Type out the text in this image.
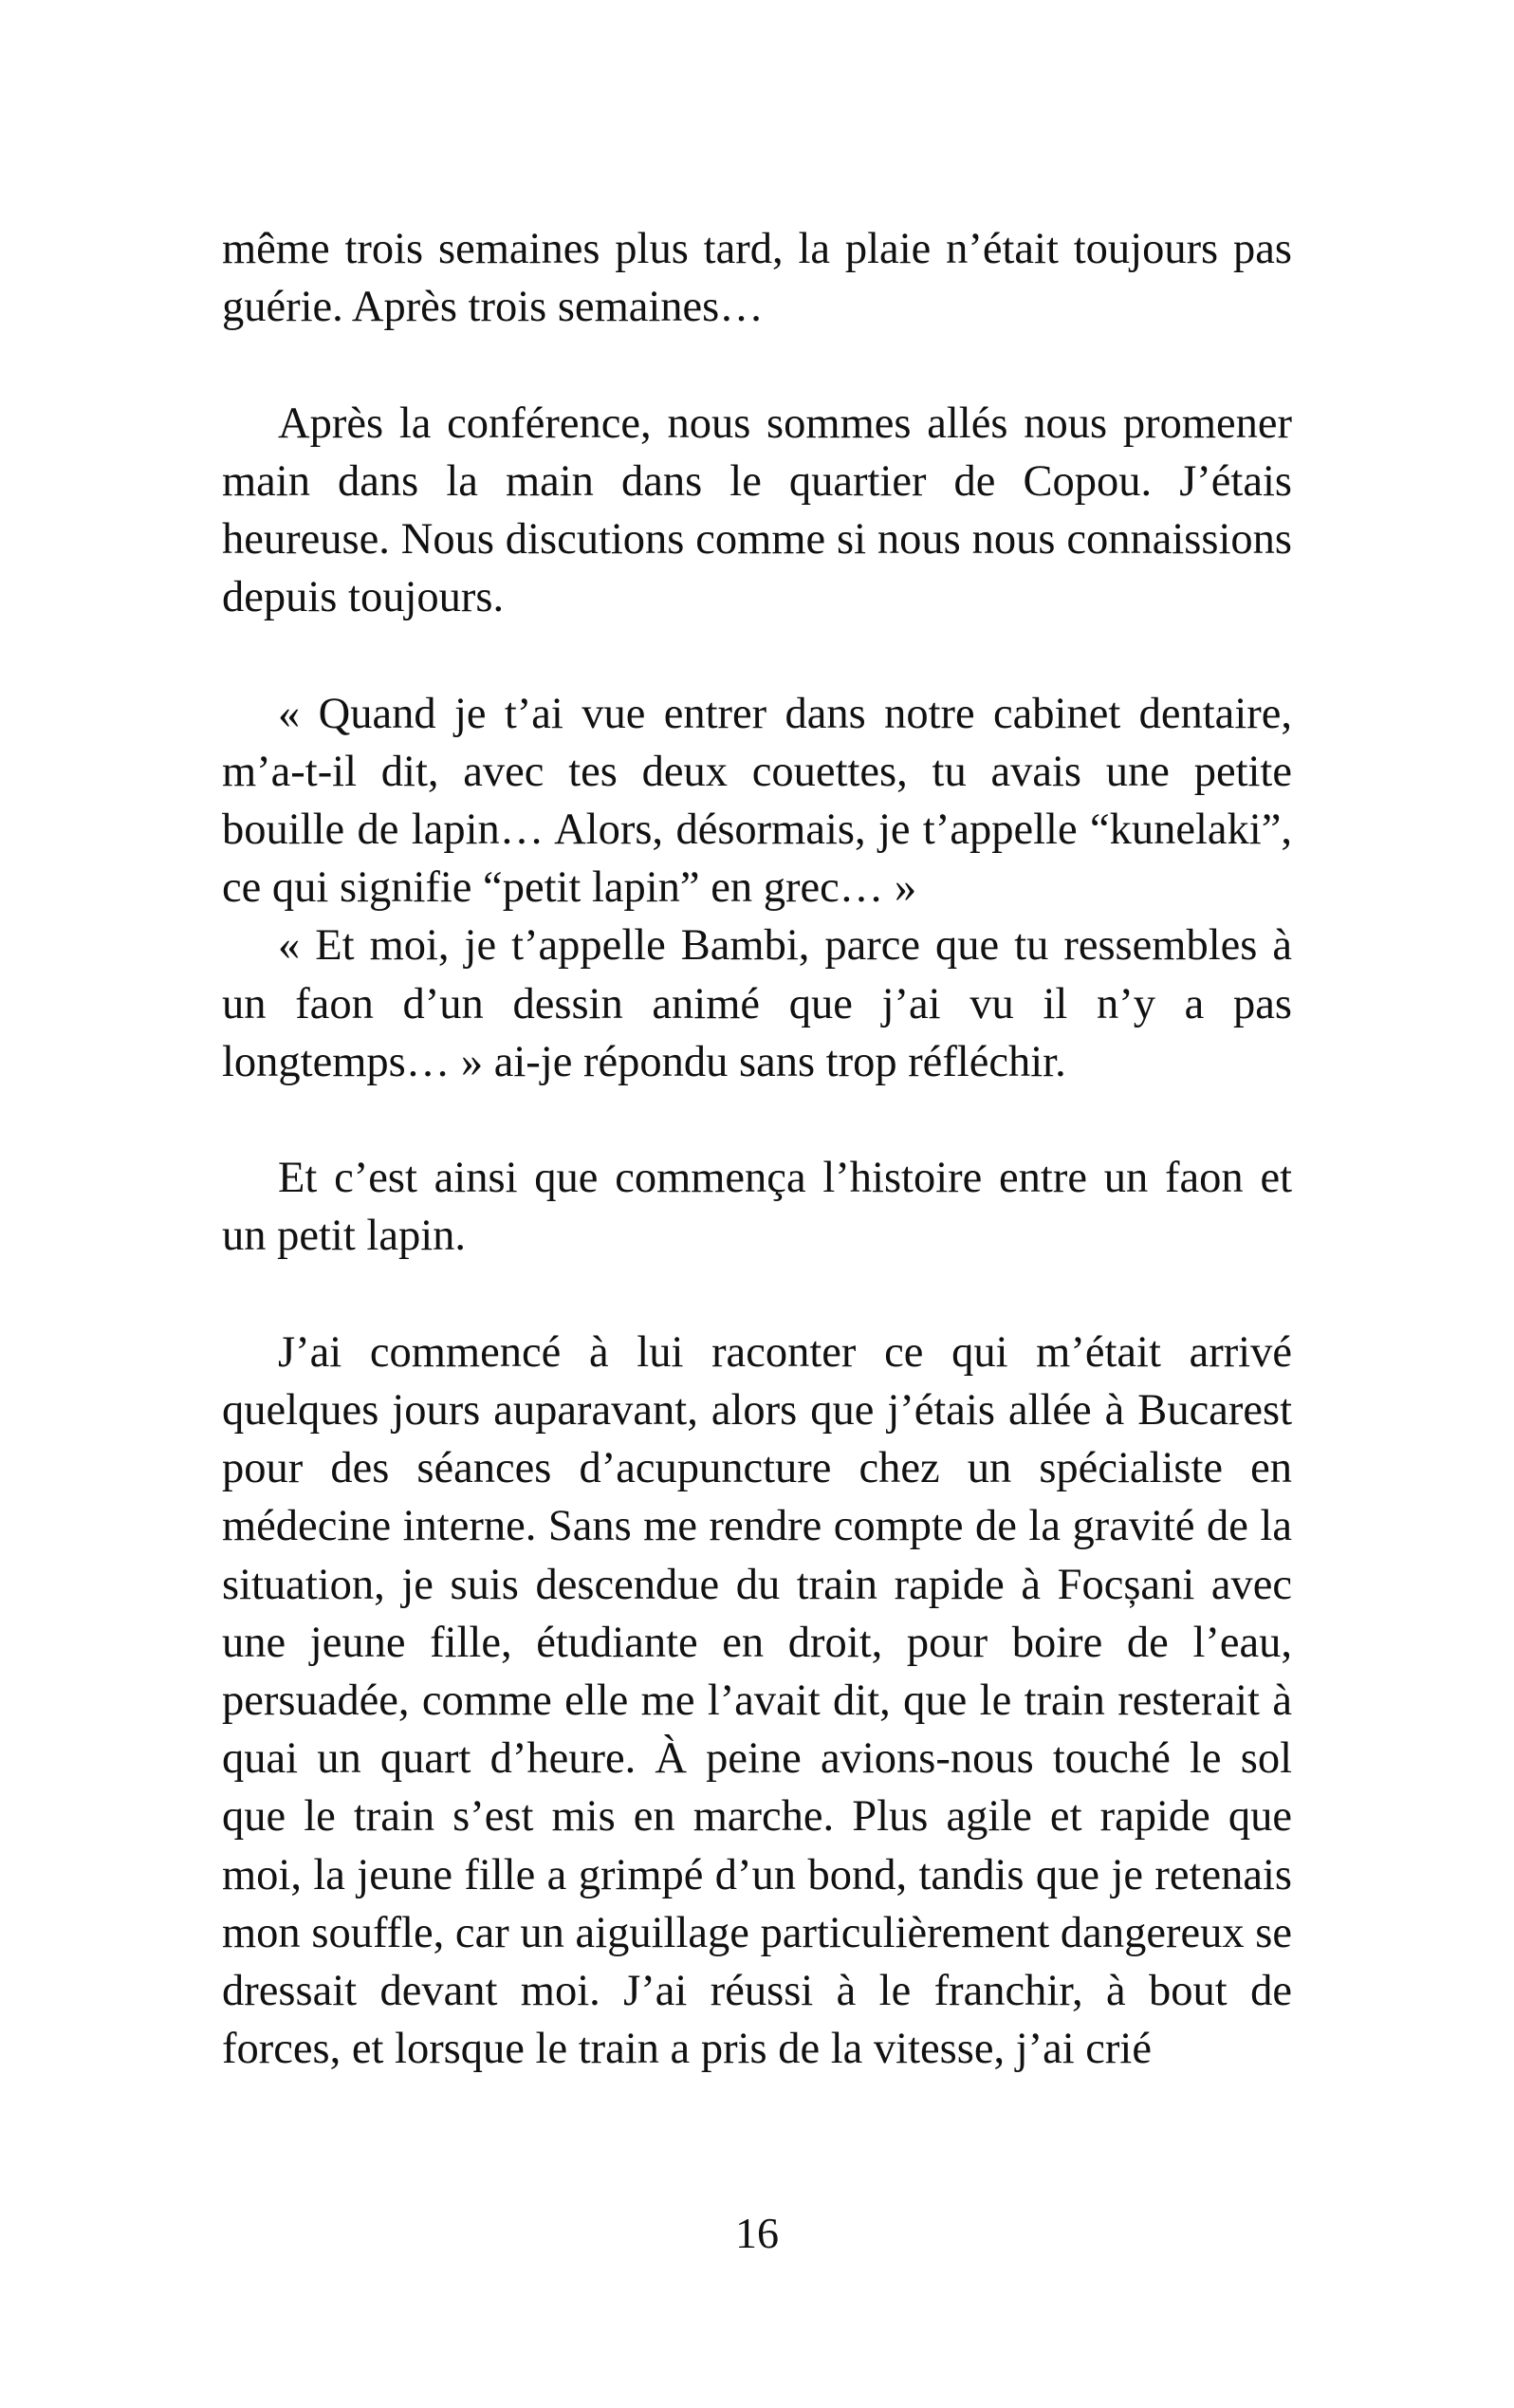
même trois semaines plus tard, la plaie n’était toujours pas guérie. Après trois semaines…

Après la conférence, nous sommes allés nous promener main dans la main dans le quartier de Copou. J’étais heureuse. Nous discutions comme si nous nous connaissions depuis toujours.

« Quand je t’ai vue entrer dans notre cabinet dentaire, m’a-t-il dit, avec tes deux couettes, tu avais une petite bouille de lapin… Alors, désormais, je t’appelle “kunelaki”, ce qui signifie “petit lapin” en grec… »

« Et moi, je t’appelle Bambi, parce que tu ressembles à un faon d’un dessin animé que j’ai vu il n’y a pas longtemps… » ai-je répondu sans trop réfléchir.

Et c’est ainsi que commença l’histoire entre un faon et un petit lapin.

J’ai commencé à lui raconter ce qui m’était arrivé quelques jours auparavant, alors que j’étais allée à Bucarest pour des séances d’acupuncture chez un spécialiste en médecine interne. Sans me rendre compte de la gravité de la situation, je suis descendue du train rapide à Focșani avec une jeune fille, étudiante en droit, pour boire de l’eau, persuadée, comme elle me l’avait dit, que le train resterait à quai un quart d’heure. À peine avions-nous touché le sol que le train s’est mis en marche. Plus agile et rapide que moi, la jeune fille a grimpé d’un bond, tandis que je retenais mon souffle, car un aiguillage particulièrement dangereux se dressait devant moi. J’ai réussi à le franchir, à bout de forces, et lorsque le train a pris de la vitesse, j’ai crié

16
